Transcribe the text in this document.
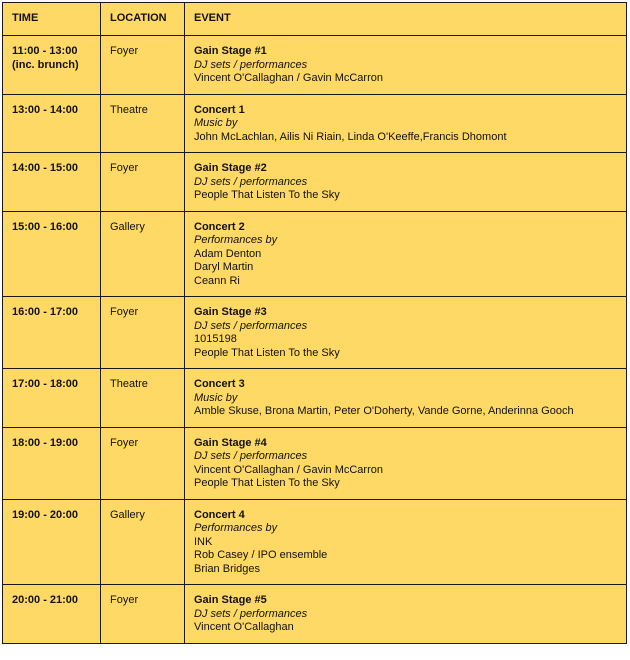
TIME	LOCATION	EVENT
11:00 - 13:00
(inc. brunch)	Foyer	Gain Stage #1
DJ sets / performances
Vincent O'Callaghan / Gavin McCarron

13:00 - 14:00	Theatre	Concert 1
Music by
John McLachlan, Ailis Ni Riain, Linda O'Keeffe,Francis Dhomont

14:00 - 15:00	Foyer	Gain Stage #2
DJ sets / performances
People That Listen To the Sky

15:00 - 16:00	Gallery	Concert 2
Performances by
Adam Denton
Daryl Martin
Ceann Ri

16:00 - 17:00	Foyer	Gain Stage #3
DJ sets / performances
1015198
People That Listen To the Sky

17:00 - 18:00	Theatre	Concert 3
Music by
Amble Skuse, Brona Martin, Peter O'Doherty, Vande Gorne, Anderinna Gooch

18:00 - 19:00	Foyer	Gain Stage #4
DJ sets / performances
Vincent O'Callaghan / Gavin McCarron
People That Listen To the Sky

19:00 - 20:00	Gallery	Concert 4
Performances by
INK
Rob Casey / IPO ensemble
Brian Bridges

20:00 - 21:00	Foyer	Gain Stage #5
DJ sets / performances
Vincent O'Callaghan
